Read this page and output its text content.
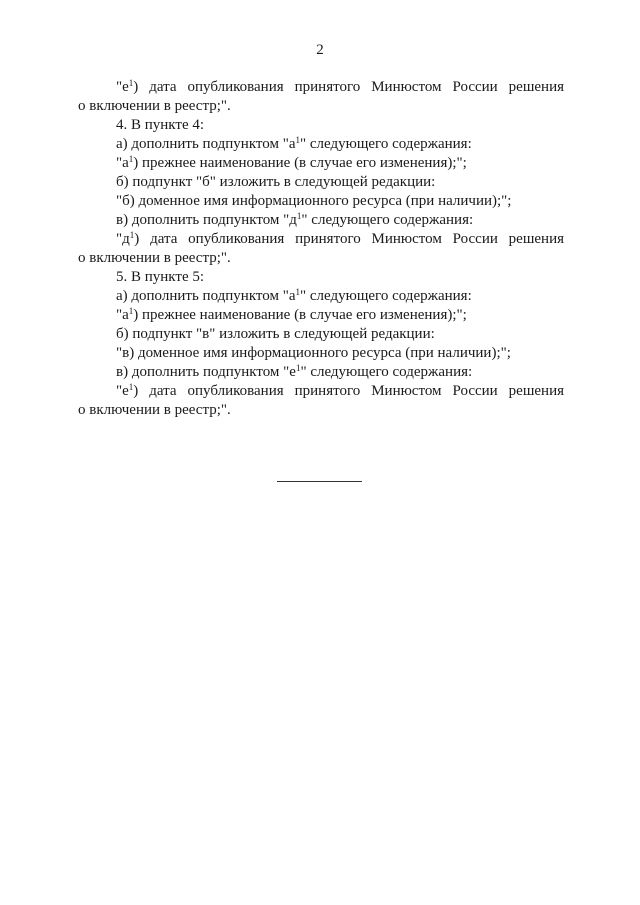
2

"$е^1$) дата опубликования принятого Минюстом России решения

о включении в реестр;".

4. В пункте 4:

а) дополнить подпунктом "$а^1$" следующего содержания:

"$а^1$) прежнее наименование (в случае его изменения);";

б) подпункт "б" изложить в следующей редакции:

"б) доменное имя информационного ресурса (при наличии);";

в) дополнить подпунктом "$д^1$" следующего содержания:

"$д^1$) дата опубликования принятого Минюстом России решения

о включении в реестр;".

5. В пункте 5:

а) дополнить подпунктом "$а^1$" следующего содержания:

"$а^1$) прежнее наименование (в случае его изменения);";

б) подпункт "в" изложить в следующей редакции:

"в) доменное имя информационного ресурса (при наличии);";

в) дополнить подпунктом "$е^1$" следующего содержания:

"$е^1$) дата опубликования принятого Минюстом России решения

о включении в реестр;".
